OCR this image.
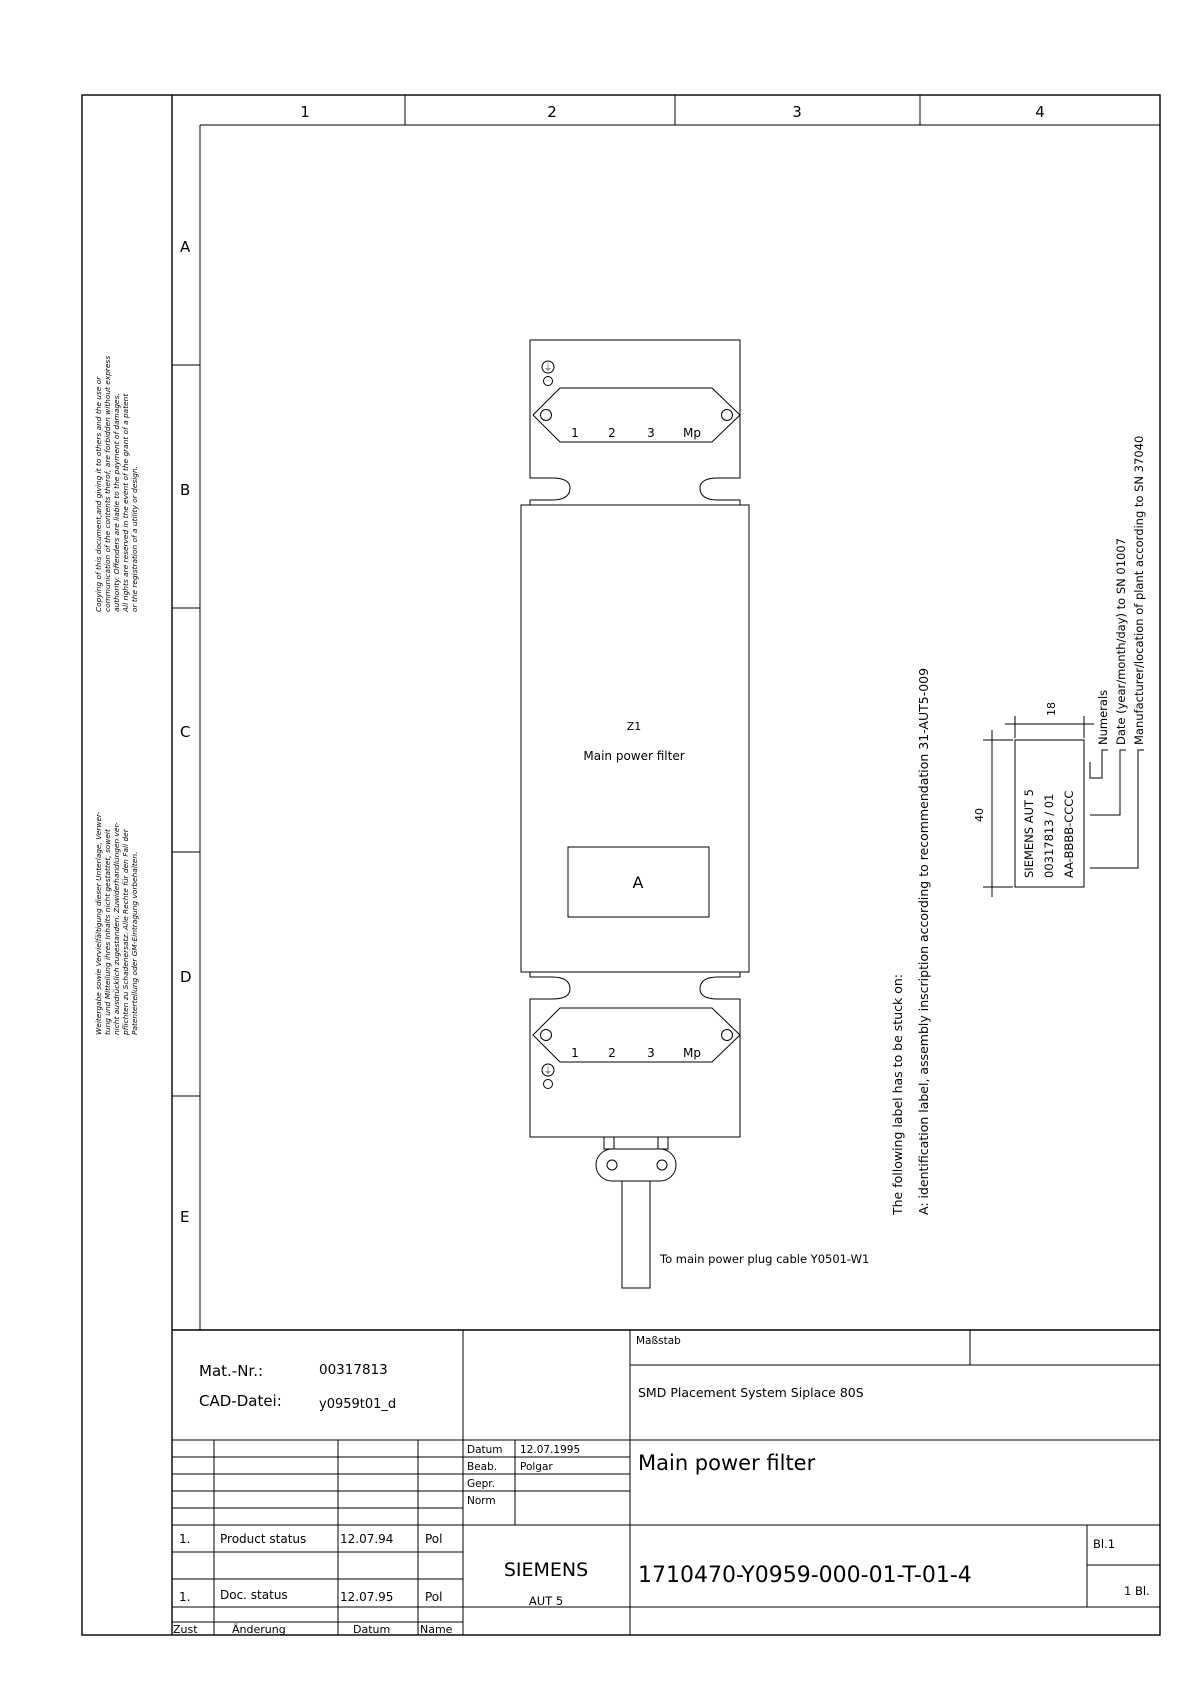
1	2	3	4
A
B
C
D
E
Copying of this document,and giving it to others and the use or communication of the contents therof, are forbidden without express authority. Offenders are liable to the payment of damages. All rights are reserved in the event of the grant of a patent or the registration of a utility or design.
Weitergabe sowie Vervielfältigung dieser Unterlage, Verwer- tung und Mitteilung ihres Inhalts nicht gestattet, soweit nicht ausdrücklich zugestanden. Zuwiderhandlungen ver- pflichten zu Schadenersatz. Alle Rechte für den Fall der Patenterteilung oder GM-Eintragung vorbehalten.
⏚
1 2	3 Mp
Z1
Main power filter
A
⏚
1 2	3 Mp
To main power plug cable Y0501-W1
The following label has to be stuck on: A: identification label, assembly inscription according to recommendation 31-AUT5-009	SIEMENS AUT 5 00317813 / 01 AA-BBBB-CCCC
18
40
Numerals Date (year/month/day) to SN 01007 Manufacturer/location of plant according to SN 37040
Mat.-Nr.:	00317813
CAD-Datei:	y0959t01_d
Maßstab
SMD Placement System Siplace 80S
Main power filter
Datum 12.07.1995
Beab. Polgar
Gepr.
Norm
1. Product status	12.07.94	Pol
1. Doc. status	12.07.95	Pol
Zust	Änderung	Datum	Name
SIEMENS
AUT 5
1710470-Y0959-000-01-T-01-4
Bl.1
1 Bl.
